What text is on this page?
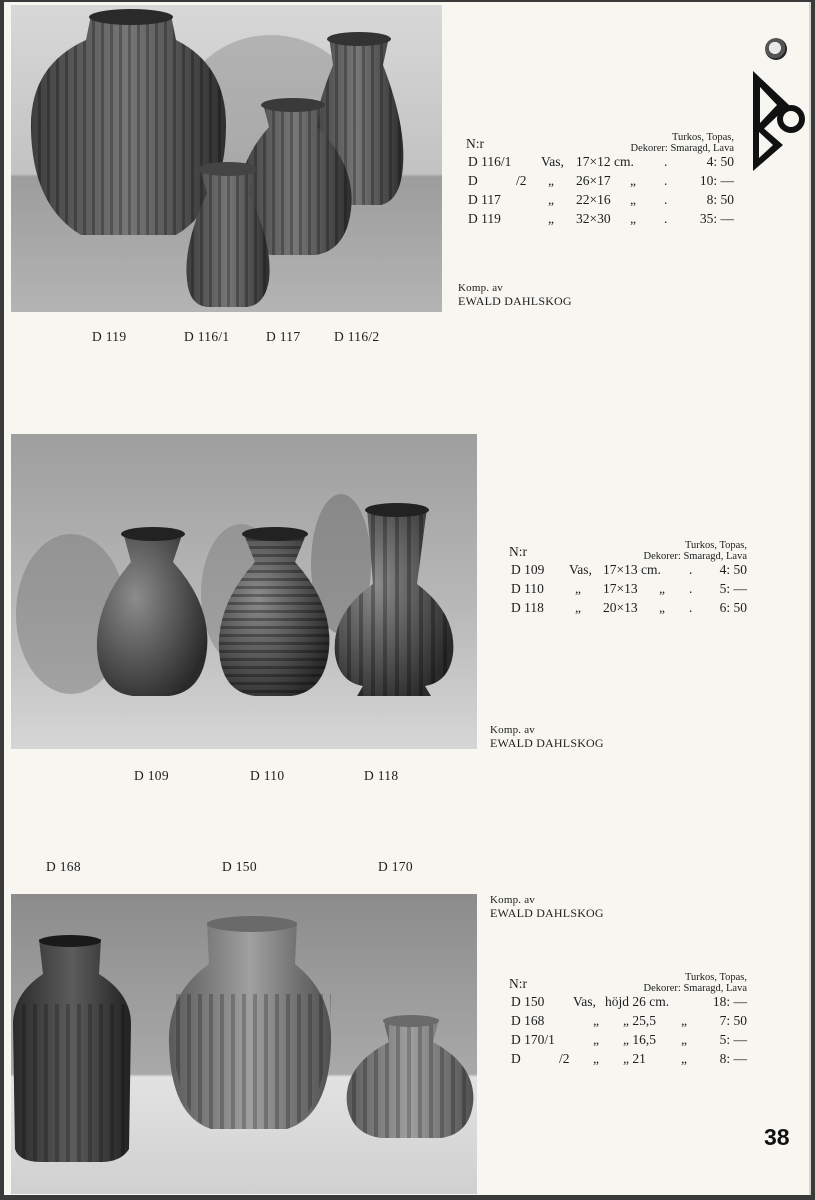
N:r	Turkos, Topas,
Dekorer: Smaragd, Lava
D 116/1 Vas, 17×12 cm. .	4: 50
D	/2 „ 26×17 „ . 10: —
D 117	„ 22×16 „ .	8: 50
D 119	„ 32×30 „ . 35: —
Komp. av
EWALD DAHLSKOG
D 119	D 116/1	D 117 D 116/2
N:r	Turkos, Topas,
Dekorer: Smaragd, Lava
D 109 Vas, 17×13 cm. . 4: 50
D 110 „ 17×13 „ . 5: —
D 118 „ 20×13 „ . 6: 50
Komp. av
EWALD DAHLSKOG
D 109	D 110	D 118
D 168	D 150	D 170
Komp. av
EWALD DAHLSKOG
N:r	Turkos, Topas,
Dekorer: Smaragd, Lava
D 150 Vas, höjd 26 cm.	18: —
D 168	„ „ 25,5 „ 7: 50
D 170/1	„ „ 16,5 „ 5: —
D	/2 „ „ 21	„ 8: —
38
